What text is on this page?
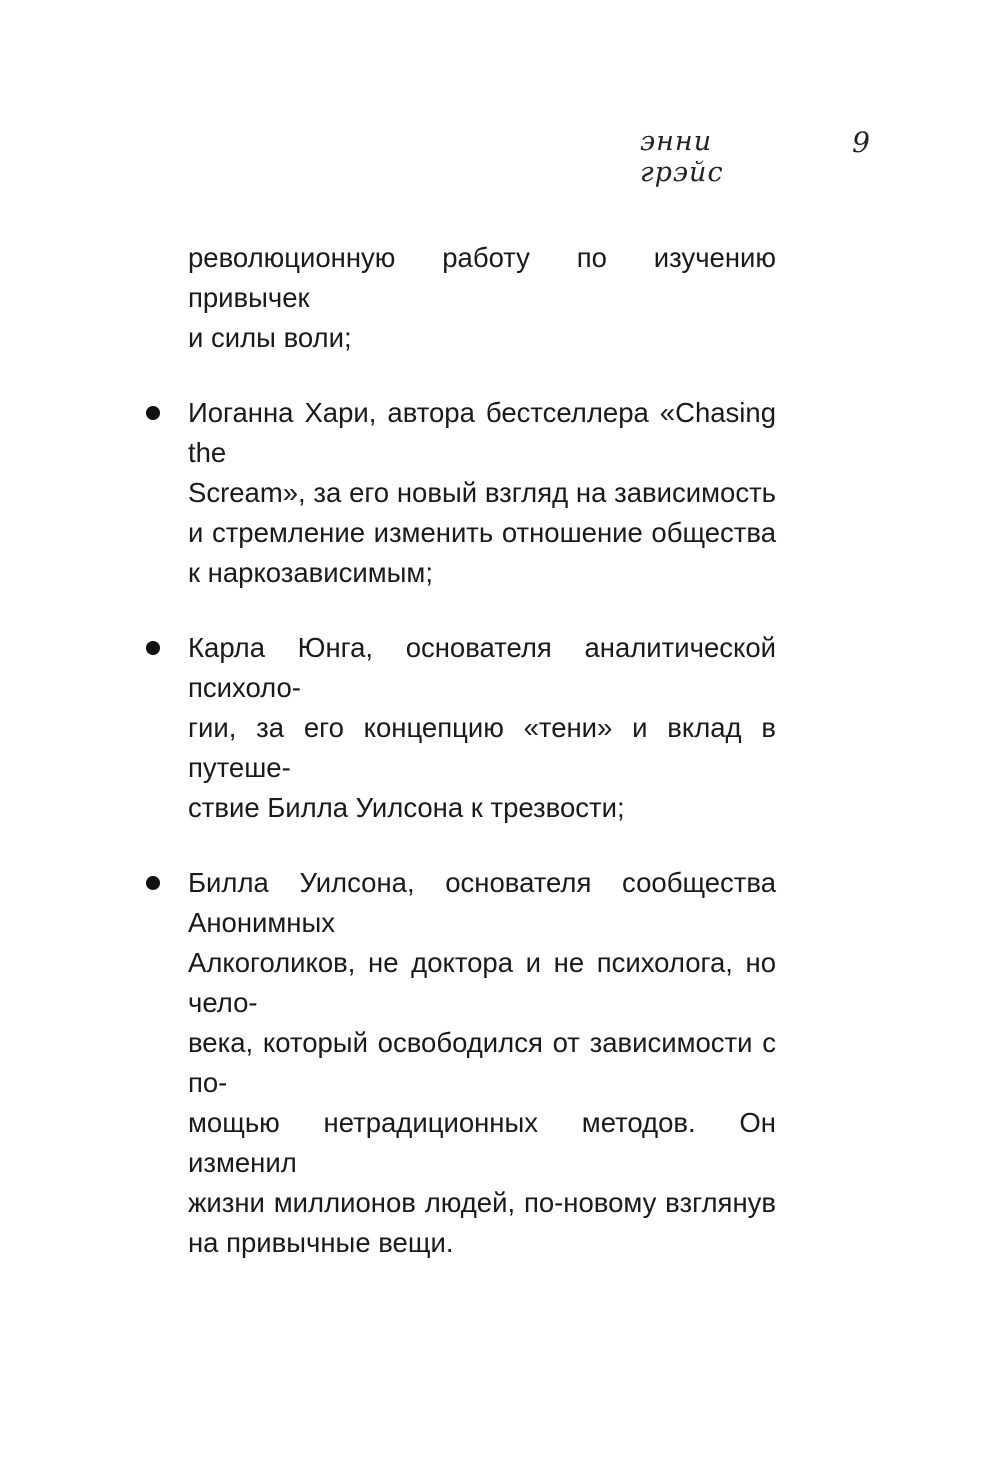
энни грэйс
9
революционную работу по изучению привычек
и силы воли;
Иоганна Хари, автора бестселлера «Chasing the
Scream», за его новый взгляд на зависимость
и стремление изменить отношение общества
к наркозависимым;
Карла Юнга, основателя аналитической психоло-
гии, за его концепцию «тени» и вклад в путеше-
ствие Билла Уилсона к трезвости;
Билла Уилсона, основателя сообщества Анонимных
Алкоголиков, не доктора и не психолога, но чело-
века, который освободился от зависимости с по-
мощью нетрадиционных методов. Он изменил
жизни миллионов людей, по-новому взглянув
на привычные вещи.
